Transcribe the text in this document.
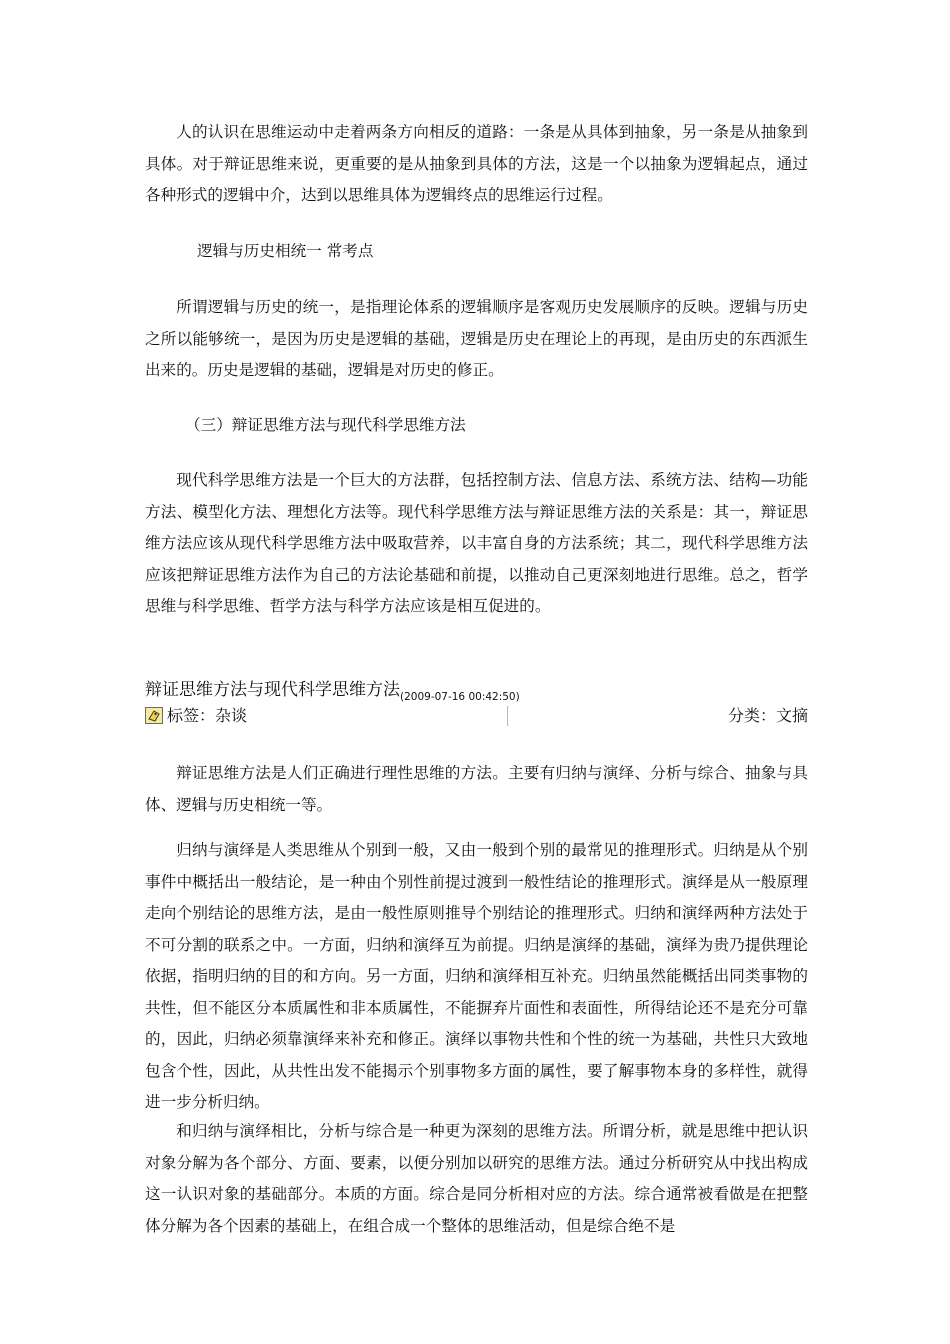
人的认识在思维运动中走着两条方向相反的道路：一条是从具体到抽象，另一条是从抽象到具体。对于辩证思维来说，更重要的是从抽象到具体的方法，这是一个以抽象为逻辑起点，通过各种形式的逻辑中介，达到以思维具体为逻辑终点的思维运行过程。

逻辑与历史相统一 常考点

所谓逻辑与历史的统一，是指理论体系的逻辑顺序是客观历史发展顺序的反映。逻辑与历史之所以能够统一，是因为历史是逻辑的基础，逻辑是历史在理论上的再现，是由历史的东西派生出来的。历史是逻辑的基础，逻辑是对历史的修正。

（三）辩证思维方法与现代科学思维方法

现代科学思维方法是一个巨大的方法群，包括控制方法、信息方法、系统方法、结构—功能方法、模型化方法、理想化方法等。现代科学思维方法与辩证思维方法的关系是：其一，辩证思维方法应该从现代科学思维方法中吸取营养，以丰富自身的方法系统；其二，现代科学思维方法应该把辩证思维方法作为自己的方法论基础和前提，以推动自己更深刻地进行思维。总之，哲学思维与科学思维、哲学方法与科学方法应该是相互促进的。

辩证思维方法与现代科学思维方法$_{(2009-07-16 00:42:50)}$
标签：杂谈	分类：文摘

辩证思维方法是人们正确进行理性思维的方法。主要有归纳与演绎、分析与综合、抽象与具体、逻辑与历史相统一等。

归纳与演绎是人类思维从个别到一般，又由一般到个别的最常见的推理形式。归纳是从个别事件中概括出一般结论，是一种由个别性前提过渡到一般性结论的推理形式。演绎是从一般原理走向个别结论的思维方法，是由一般性原则推导个别结论的推理形式。归纳和演绎两种方法处于不可分割的联系之中。一方面，归纳和演绎互为前提。归纳是演绎的基础，演绎为贵乃提供理论依据，指明归纳的目的和方向。另一方面，归纳和演绎相互补充。归纳虽然能概括出同类事物的共性，但不能区分本质属性和非本质属性，不能摒弃片面性和表面性，所得结论还不是充分可靠的，因此，归纳必须靠演绎来补充和修正。演绎以事物共性和个性的统一为基础，共性只大致地包含个性，因此，从共性出发不能揭示个别事物多方面的属性，要了解事物本身的多样性，就得进一步分析归纳。

和归纳与演绎相比，分析与综合是一种更为深刻的思维方法。所谓分析，就是思维中把认识对象分解为各个部分、方面、要素，以便分别加以研究的思维方法。通过分析研究从中找出构成这一认识对象的基础部分。本质的方面。综合是同分析相对应的方法。综合通常被看做是在把整体分解为各个因素的基础上，在组合成一个整体的思维活动，但是综合绝不是
